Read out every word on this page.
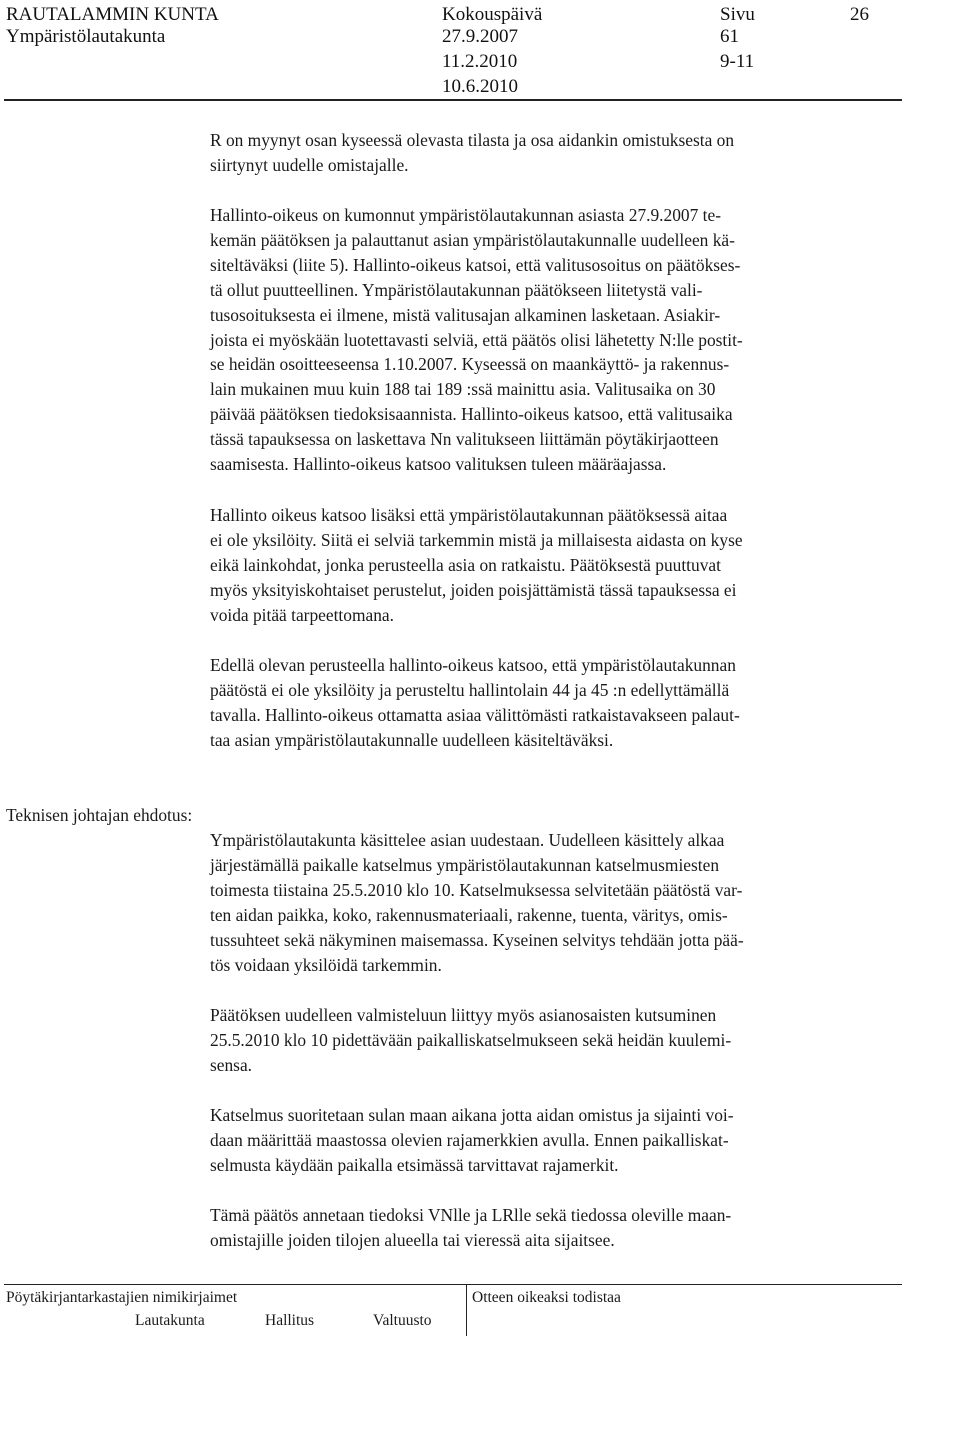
RAUTALAMMIN KUNTA
Ympäristölautakunta
Kokouspäivä
27.9.2007
11.2.2010
10.6.2010
Sivu	26
61
9-11

R on myynyt osan kyseessä olevasta tilasta ja osa aidankin omistuksesta on
siirtynyt uudelle omistajalle.

Hallinto-oikeus on kumonnut ympäristölautakunnan asiasta 27.9.2007 te-
kemän päätöksen ja palauttanut asian ympäristölautakunnalle uudelleen kä-
siteltäväksi (liite 5). Hallinto-oikeus katsoi, että valitusosoitus on päätökses-
tä ollut puutteellinen. Ympäristölautakunnan päätökseen liitetystä vali-
tusosoituksesta ei ilmene, mistä valitusajan alkaminen lasketaan. Asiakir-
joista ei myöskään luotettavasti selviä, että päätös olisi lähetetty N:lle postit-
se heidän osoitteeseensa 1.10.2007. Kyseessä on maankäyttö- ja rakennus-
lain mukainen muu kuin 188 tai 189 :ssä mainittu asia. Valitusaika on 30
päivää päätöksen tiedoksisaannista. Hallinto-oikeus katsoo, että valitusaika
tässä tapauksessa on laskettava Nn valitukseen liittämän pöytäkirjaotteen
saamisesta. Hallinto-oikeus katsoo valituksen tuleen määräajassa.

Hallinto oikeus katsoo lisäksi että ympäristölautakunnan päätöksessä aitaa
ei ole yksilöity. Siitä ei selviä tarkemmin mistä ja millaisesta aidasta on kyse
eikä lainkohdat, jonka perusteella asia on ratkaistu. Päätöksestä puuttuvat
myös yksityiskohtaiset perustelut, joiden poisjättämistä tässä tapauksessa ei
voida pitää tarpeettomana.

Edellä olevan perusteella hallinto-oikeus katsoo, että ympäristölautakunnan
päätöstä ei ole yksilöity ja perusteltu hallintolain 44 ja 45 :n edellyttämällä
tavalla. Hallinto-oikeus ottamatta asiaa välittömästi ratkaistavakseen palaut-
taa asian ympäristölautakunnalle uudelleen käsiteltäväksi.

Teknisen johtajan ehdotus:

Ympäristölautakunta käsittelee asian uudestaan. Uudelleen käsittely alkaa
järjestämällä paikalle katselmus ympäristölautakunnan katselmusmiesten
toimesta tiistaina 25.5.2010 klo 10. Katselmuksessa selvitetään päätöstä var-
ten aidan paikka, koko, rakennusmateriaali, rakenne, tuenta, väritys, omis-
tussuhteet sekä näkyminen maisemassa. Kyseinen selvitys tehdään jotta pää-
tös voidaan yksilöidä tarkemmin.

Päätöksen uudelleen valmisteluun liittyy myös asianosaisten kutsuminen
25.5.2010 klo 10 pidettävään paikalliskatselmukseen sekä heidän kuulemi-
sensa.

Katselmus suoritetaan sulan maan aikana jotta aidan omistus ja sijainti voi-
daan määrittää maastossa olevien rajamerkkien avulla. Ennen paikalliskat-
selmusta käydään paikalla etsimässä tarvittavat rajamerkit.

Tämä päätös annetaan tiedoksi VNlle ja LRlle sekä tiedossa oleville maan-
omistajille joiden tilojen alueella tai vieressä aita sijaitsee.

Pöytäkirjantarkastajien nimikirjaimet
Lautakunta	Hallitus	Valtuusto
Otteen oikeaksi todistaa
